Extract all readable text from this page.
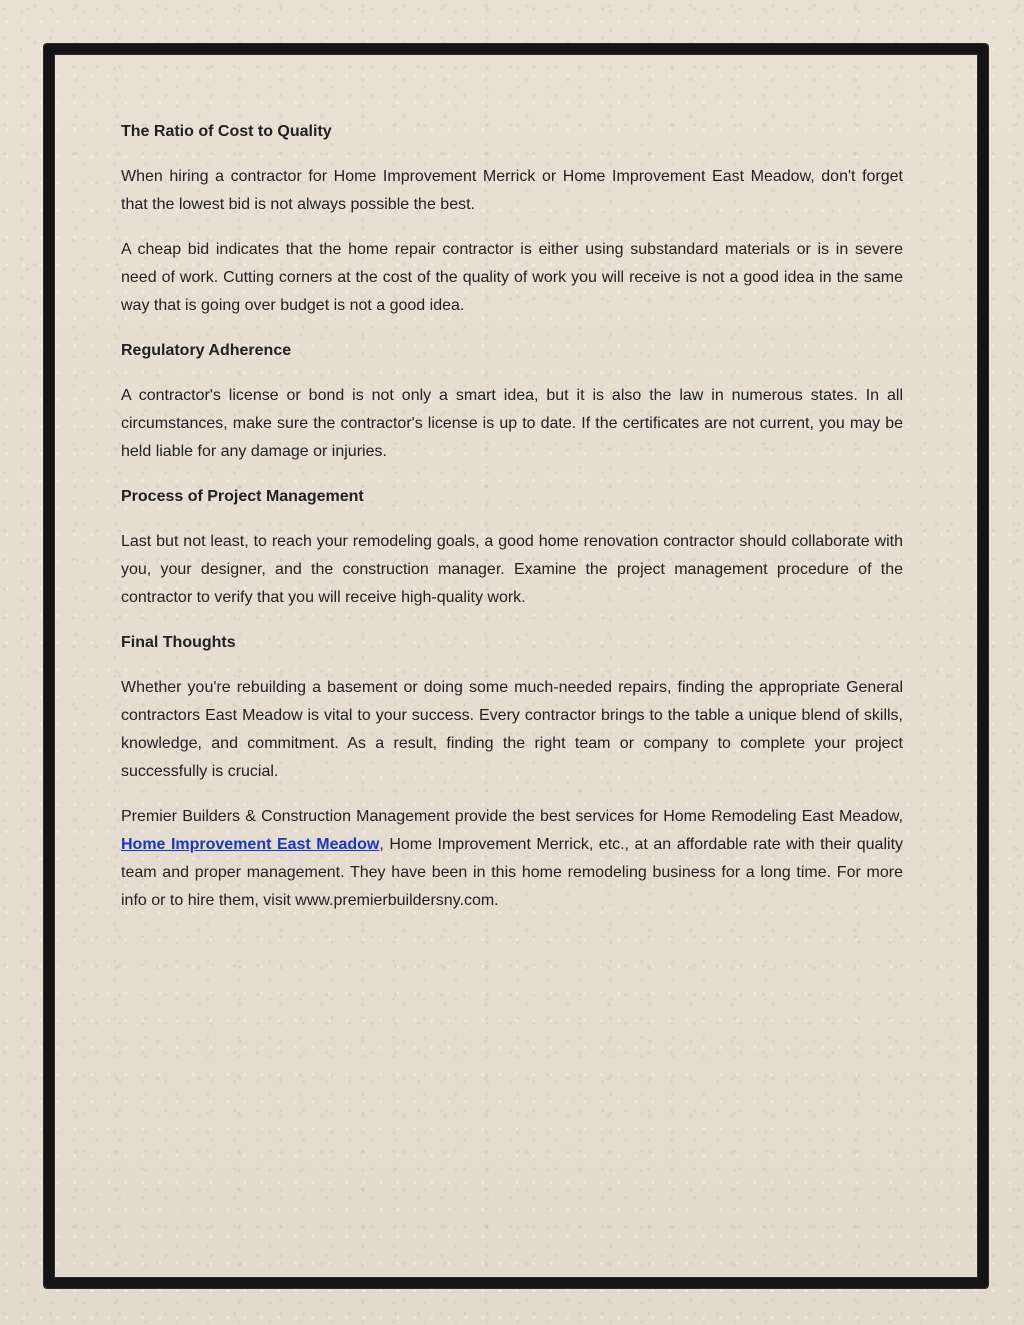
The Ratio of Cost to Quality

When hiring a contractor for Home Improvement Merrick or Home Improvement East Meadow, don't forget that the lowest bid is not always possible the best.

A cheap bid indicates that the home repair contractor is either using substandard materials or is in severe need of work. Cutting corners at the cost of the quality of work you will receive is not a good idea in the same way that is going over budget is not a good idea.

Regulatory Adherence

A contractor's license or bond is not only a smart idea, but it is also the law in numerous states. In all circumstances, make sure the contractor's license is up to date. If the certificates are not current, you may be held liable for any damage or injuries.

Process of Project Management

Last but not least, to reach your remodeling goals, a good home renovation contractor should collaborate with you, your designer, and the construction manager. Examine the project management procedure of the contractor to verify that you will receive high-quality work.

Final Thoughts

Whether you're rebuilding a basement or doing some much-needed repairs, finding the appropriate General contractors East Meadow is vital to your success. Every contractor brings to the table a unique blend of skills, knowledge, and commitment. As a result, finding the right team or company to complete your project successfully is crucial.

Premier Builders & Construction Management provide the best services for Home Remodeling East Meadow, Home Improvement East Meadow, Home Improvement Merrick, etc., at an affordable rate with their quality team and proper management. They have been in this home remodeling business for a long time. For more info or to hire them, visit www.premierbuildersny.com.
